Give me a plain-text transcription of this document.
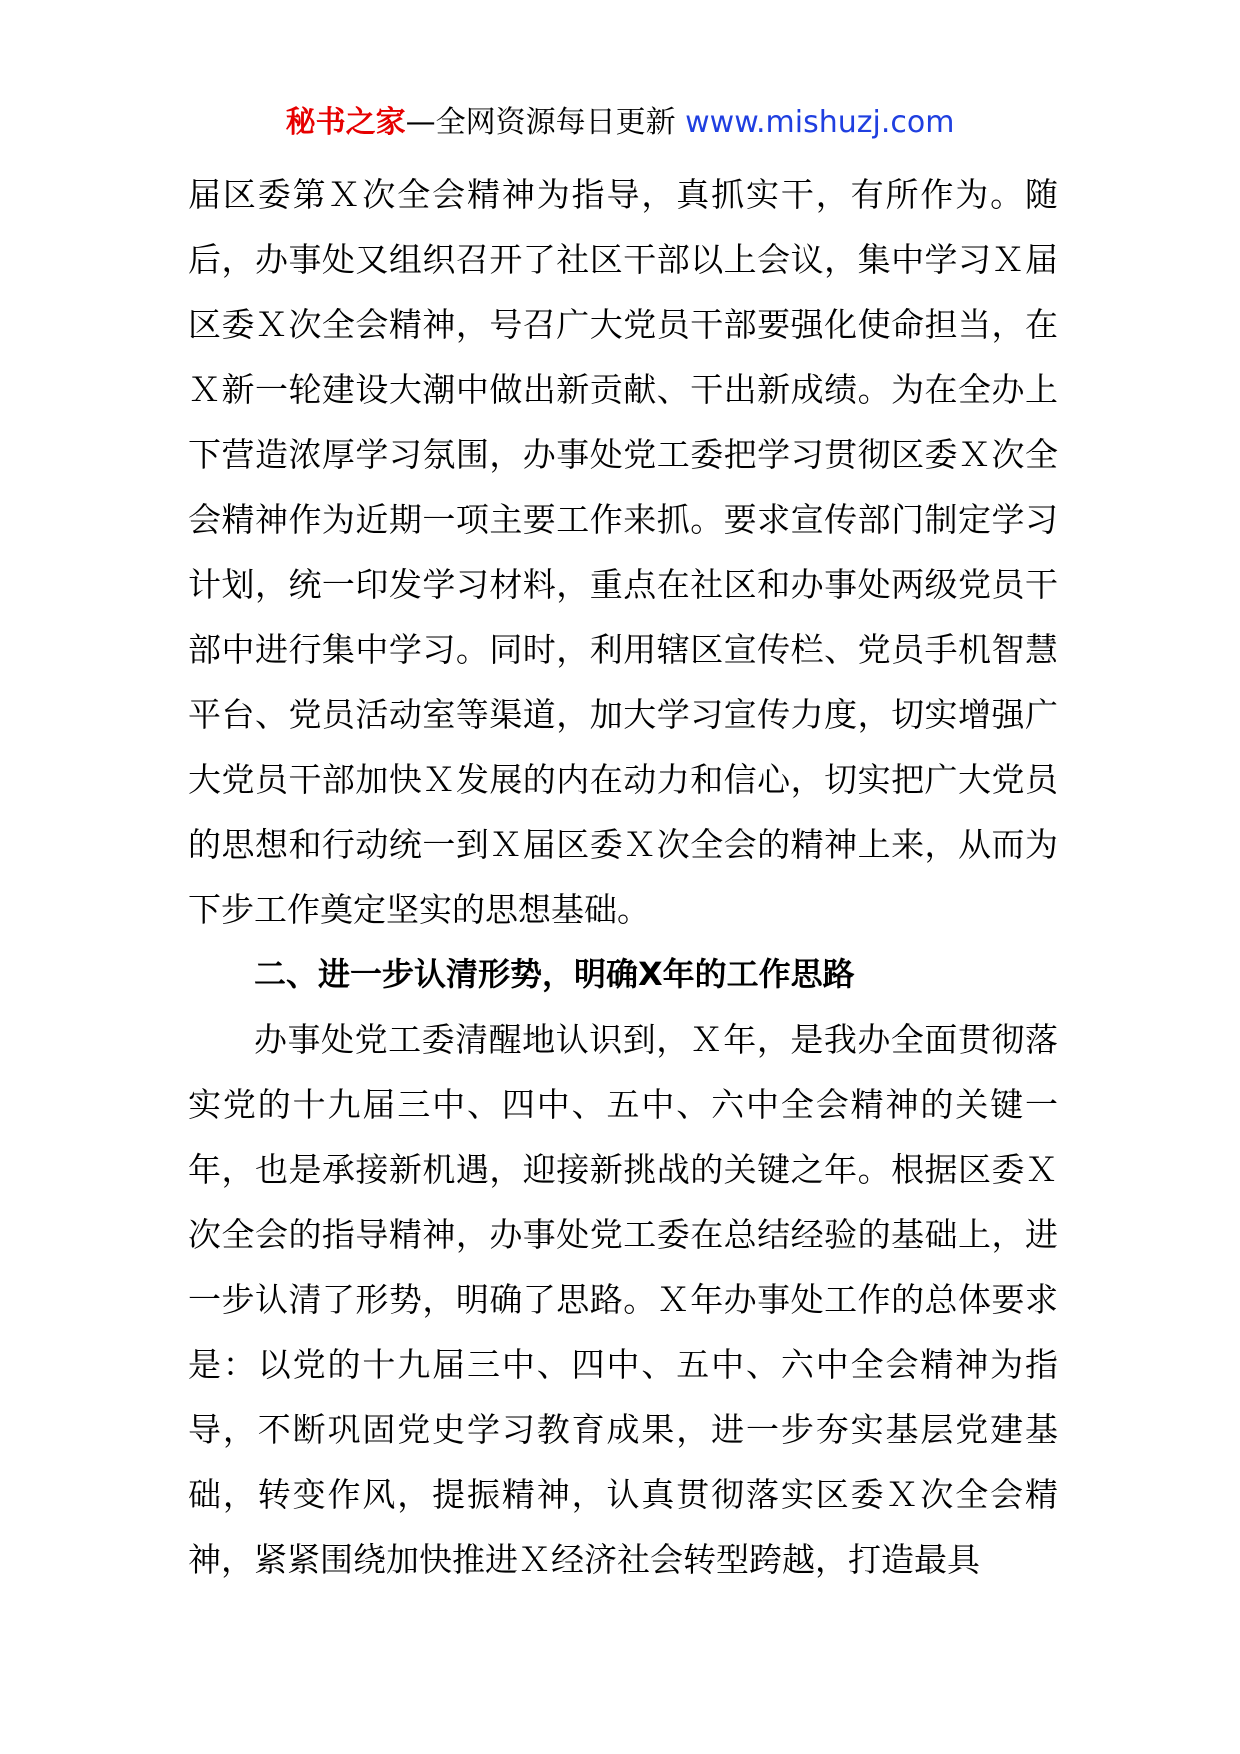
秘书之家—全网资源每日更新 www.mishuzj.com

届区委第Ｘ次全会精神为指导，真抓实干，有所作为。随后，办事处又组织召开了社区干部以上会议，集中学习Ｘ届区委Ｘ次全会精神，号召广大党员干部要强化使命担当，在Ｘ新一轮建设大潮中做出新贡献、干出新成绩。为在全办上下营造浓厚学习氛围，办事处党工委把学习贯彻区委Ｘ次全会精神作为近期一项主要工作来抓。要求宣传部门制定学习计划，统一印发学习材料，重点在社区和办事处两级党员干部中进行集中学习。同时，利用辖区宣传栏、党员手机智慧平台、党员活动室等渠道，加大学习宣传力度，切实增强广大党员干部加快Ｘ发展的内在动力和信心，切实把广大党员的思想和行动统一到Ｘ届区委Ｘ次全会的精神上来，从而为下步工作奠定坚实的思想基础。

二、进一步认清形势，明确X年的工作思路

办事处党工委清醒地认识到，Ｘ年，是我办全面贯彻落实党的十九届三中、四中、五中、六中全会精神的关键一年，也是承接新机遇，迎接新挑战的关键之年。根据区委Ｘ次全会的指导精神，办事处党工委在总结经验的基础上，进一步认清了形势，明确了思路。Ｘ年办事处工作的总体要求是：以党的十九届三中、四中、五中、六中全会精神为指导，不断巩固党史学习教育成果，进一步夯实基层党建基础，转变作风，提振精神，认真贯彻落实区委Ｘ次全会精神，紧紧围绕加快推进Ｘ经济社会转型跨越，打造最具
